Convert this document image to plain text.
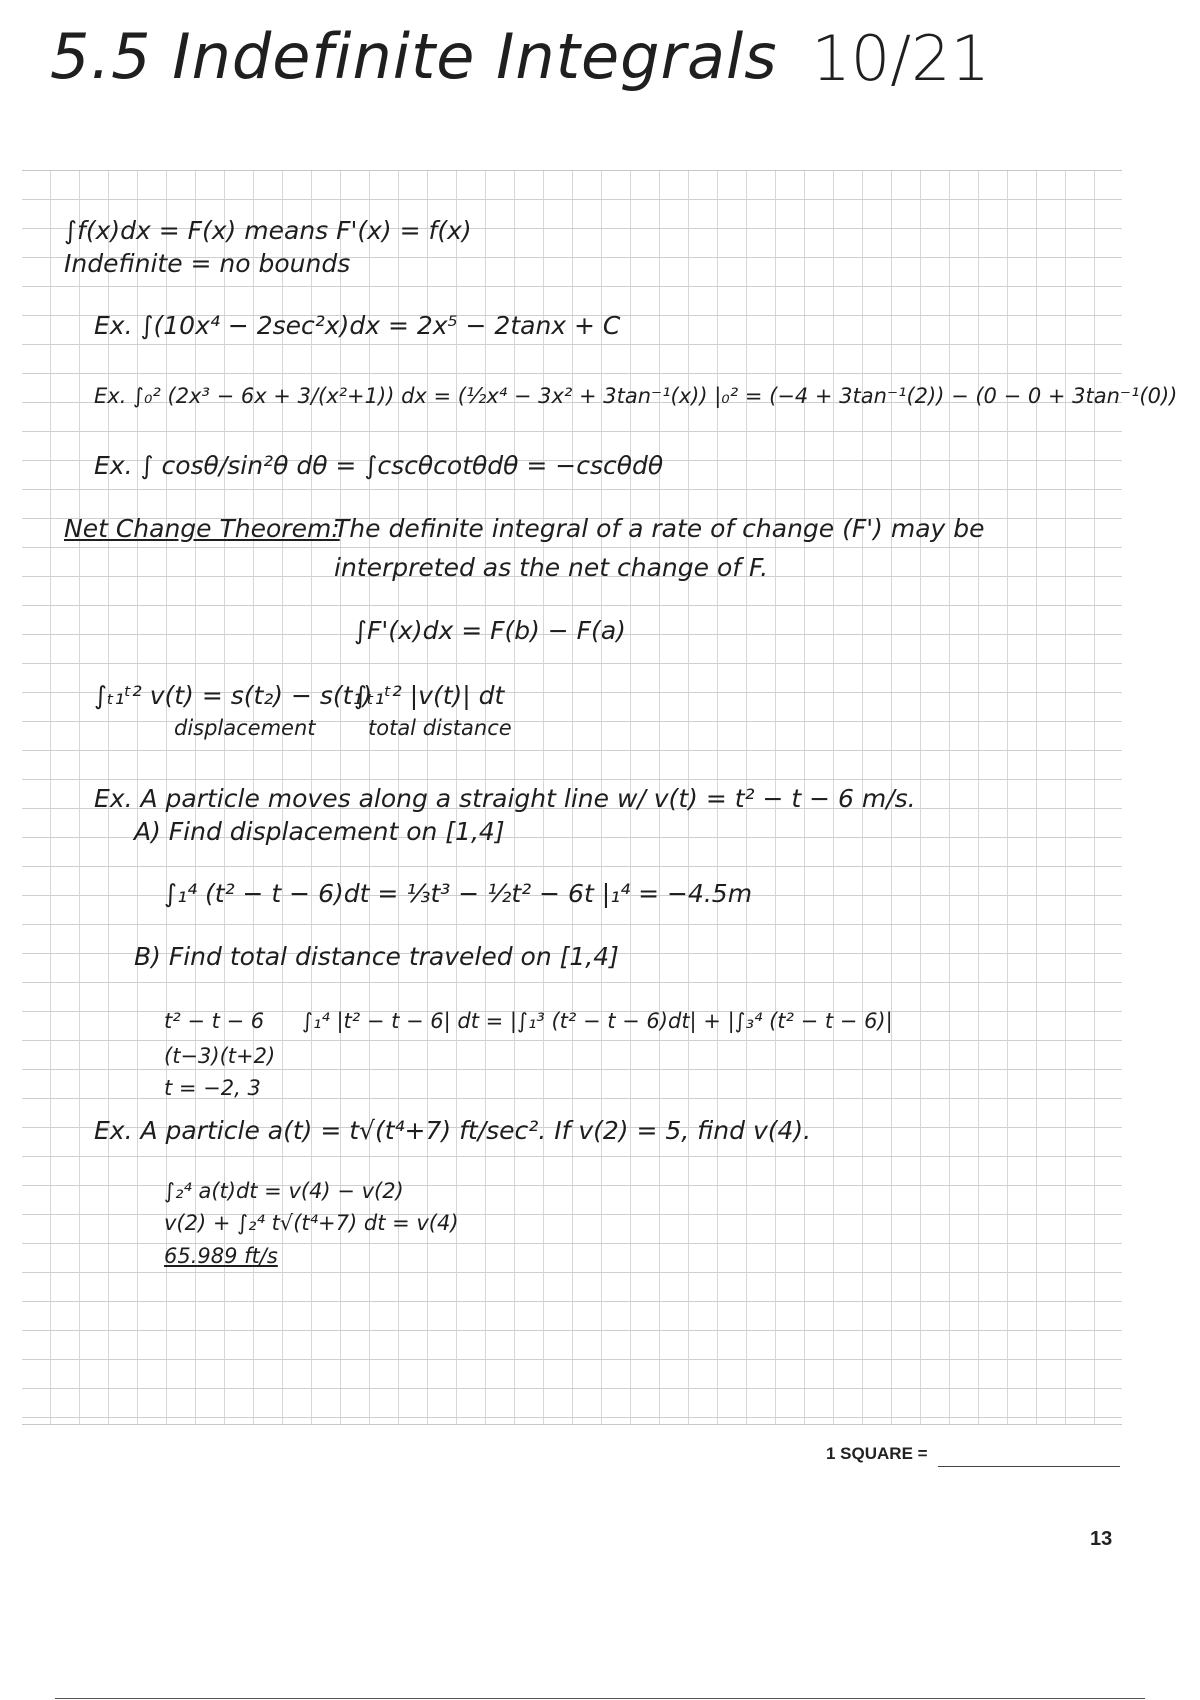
5.5 Indefinite Integrals 10/21
∫f(x)dx = F(x) means F'(x) = f(x)
Indefinite = no bounds
Ex. ∫(10x⁴ − 2sec²x)dx = 2x⁵ − 2tanx + C
Ex. ∫₀² (2x³ − 6x + 3/(x²+1)) dx = (½x⁴ − 3x² + 3tan⁻¹(x)) |₀² = (−4 + 3tan⁻¹(2)) − (0 − 0 + 3tan⁻¹(0))
Ex. ∫ cosθ/sin²θ dθ = ∫cscθcotθdθ = −cscθdθ
Net Change Theorem:
The definite integral of a rate of change (F') may be
interpreted as the net change of F.
∫F'(x)dx = F(b) − F(a)
∫ₜ₁ᵗ² v(t) = s(t₂) − s(t₁)
displacement
∫ₜ₁ᵗ² |v(t)| dt
total distance
Ex. A particle moves along a straight line w/ v(t) = t² − t − 6 m/s.
A) Find displacement on [1,4]
∫₁⁴ (t² − t − 6)dt = ⅓t³ − ½t² − 6t |₁⁴ = −4.5m
B) Find total distance traveled on [1,4]
t² − t − 6 ∫₁⁴ |t² − t − 6| dt = |∫₁³ (t² − t − 6)dt| + |∫₃⁴ (t² − t − 6)|
(t−3)(t+2)
t = −2, 3
Ex. A particle a(t) = t√(t⁴+7) ft/sec². If v(2) = 5, find v(4).
∫₂⁴ a(t)dt = v(4) − v(2)
v(2) + ∫₂⁴ t√(t⁴+7) dt = v(4)
65.989 ft/s
1 SQUARE =
13
